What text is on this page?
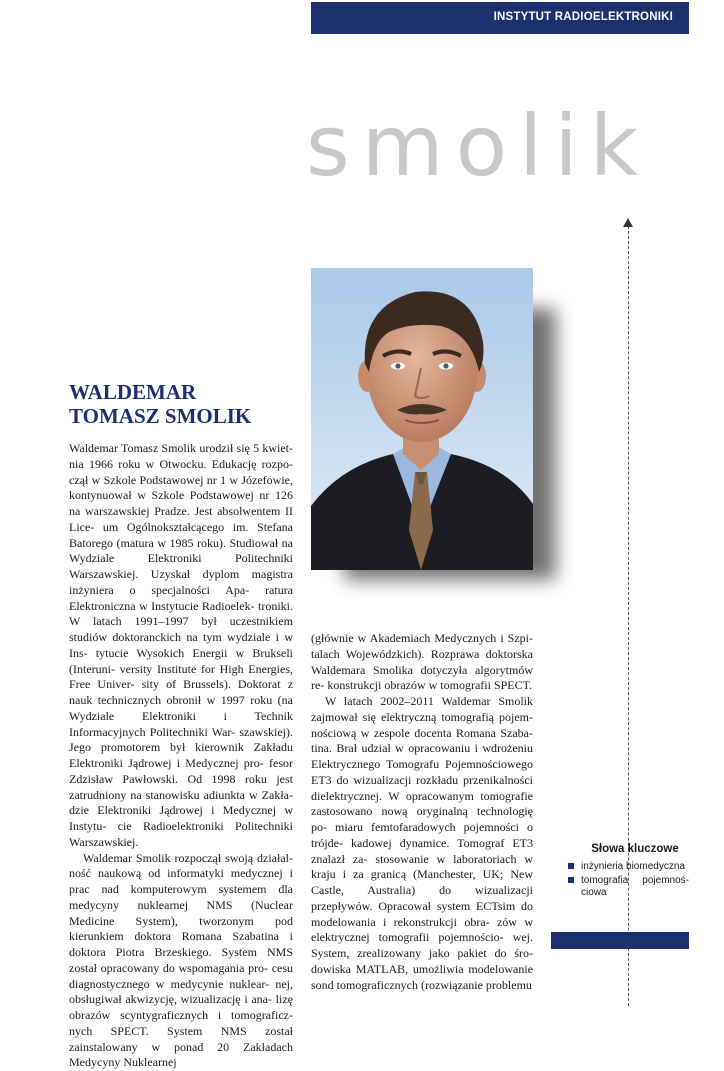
INSTYTUT RADIOELEKTRONIKI
smolik
WALDEMAR
TOMASZ SMOLIK

Waldemar Tomasz Smolik urodził się 5 kwiet- nia 1966 roku w Otwocku. Edukację rozpo- czął w Szkole Podstawowej nr 1 w Józefowie, kontynuował w Szkole Podstawowej nr 126 na warszawskiej Pradze. Jest absolwentem II Lice- um Ogólnokształcącego im. Stefana Batorego (matura w 1985 roku). Studiował na Wydziale Elektroniki Politechniki Warszawskiej. Uzyskał dyplom magistra inżyniera o specjalności Apa- ratura Elektroniczna w Instytucie Radioelek- troniki. W latach 1991–1997 był uczestnikiem studiów doktoranckich na tym wydziale i w Ins- tytucie Wysokich Energii w Brukseli (Interuni- versity Institute for High Energies, Free Univer- sity of Brussels). Doktorat z nauk technicznych obronił w 1997 roku (na Wydziale Elektroniki i Technik Informacyjnych Politechniki War- szawskiej). Jego promotorem był kierownik Zakładu Elektroniki Jądrowej i Medycznej pro- fesor Zdzisław Pawłowski. Od 1998 roku jest zatrudniony na stanowisku adiunkta w Zakła- dzie Elektroniki Jądrowej i Medycznej w Instytu- cie Radioelektroniki Politechniki Warszawskiej.

Waldemar Smolik rozpoczął swoją działal- ność naukową od informatyki medycznej i prac nad komputerowym systemem dla medycyny nuklearnej NMS (Nuclear Medicine System), tworzonym pod kierunkiem doktora Romana Szabatina i doktora Piotra Brzeskiego. System NMS został opracowany do wspomagania pro- cesu diagnostycznego w medycynie nuklear- nej, obsługiwał akwizycję, wizualizację i ana- lizę obrazów scyntygraficznych i tomograficz- nych SPECT. System NMS został zainstalowany w ponad 20 Zakładach Medycyny Nuklearnej

(głównie w Akademiach Medycznych i Szpi- talach Wojewódzkich). Rozprawa doktorska Waldemara Smolika dotyczyła algorytmów re- konstrukcji obrazów w tomografii SPECT.

W latach 2002–2011 Waldemar Smolik zajmował się elektryczną tomografią pojem- nościową w zespole docenta Romana Szaba- tina. Brał udział w opracowaniu i wdrożeniu Elektrycznego Tomografu Pojemnościowego ET3 do wizualizacji rozkładu przenikalności dielektrycznej. W opracowanym tomografie zastosowano nową oryginalną technologię po- miaru femtofaradowych pojemności o trójde- kadowej dynamice. Tomograf ET3 znalazł za- stosowanie w laboratoriach w kraju i za granicą (Manchester, UK; New Castle, Australia) do wizualizacji przepływów. Opracował system ECTsim do modelowania i rekonstrukcji obra- zów w elektrycznej tomografii pojemnościo- wej. System, zrealizowany jako pakiet do śro- dowiska MATLAB, umożliwia modelowanie sond tomograficznych (rozwiązanie problemu

Słowa kluczowe
inżynieria biomedyczna
tomografia pojemnoś-ciowa
